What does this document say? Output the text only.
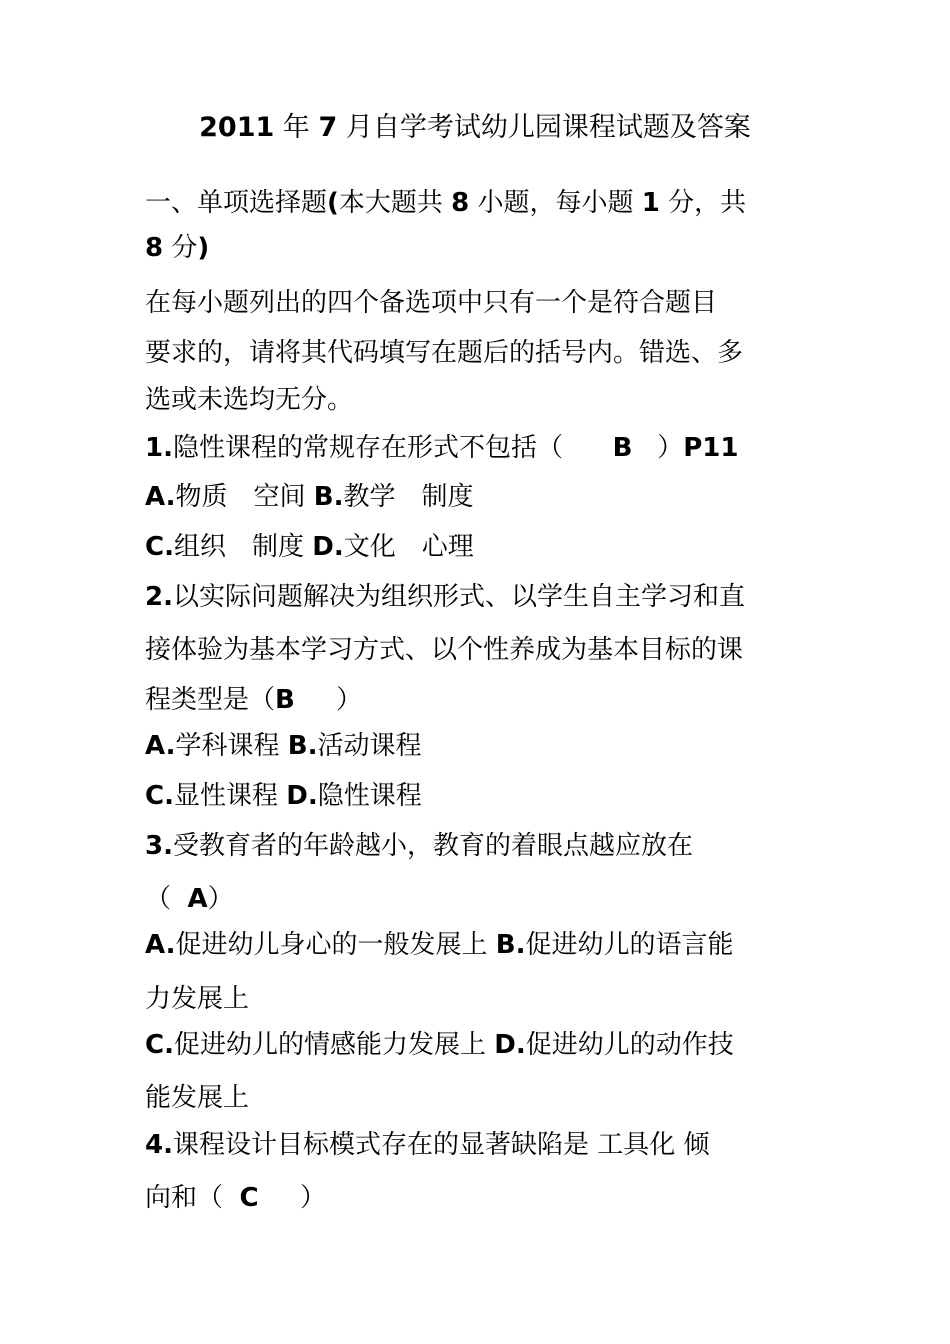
2011 年 7 月自学考试幼儿园课程试题及答案
一、单项选择题(本大题共 8 小题，每小题 1 分，共
8 分)
在每小题列出的四个备选项中只有一个是符合题目
要求的，请将其代码填写在题后的括号内。错选、多
选或未选均无分。
1.隐性课程的常规存在形式不包括（ B ）P11
A.物质　空间 B.教学　制度
C.组织　制度 D.文化　心理
2.以实际问题解决为组织形式、以学生自主学习和直
接体验为基本学习方式、以个性养成为基本目标的课
程类型是（B ）
A.学科课程 B.活动课程
C.显性课程 D.隐性课程
3.受教育者的年龄越小，教育的着眼点越应放在
（ A）
A.促进幼儿身心的一般发展上 B.促进幼儿的语言能
力发展上
C.促进幼儿的情感能力发展上 D.促进幼儿的动作技
能发展上
4.课程设计目标模式存在的显著缺陷是 工具化 倾
向和（ C ）
